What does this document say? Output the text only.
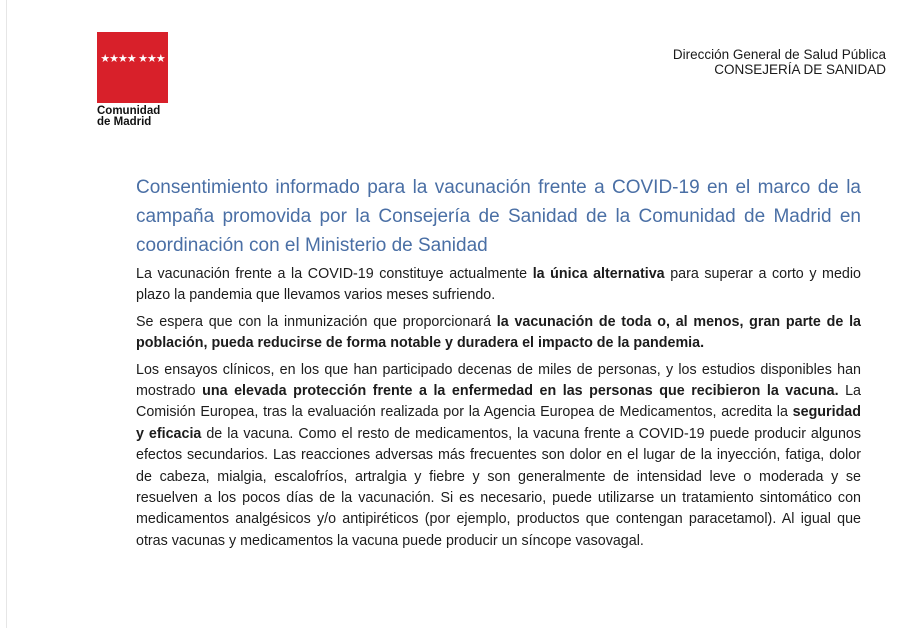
★★★★ ★★★
Comunidad
de Madrid
Dirección General de Salud Pública
CONSEJERÍA DE SANIDAD
Consentimiento informado para la vacunación frente a COVID-19 en el marco de la campaña promovida por la Consejería de Sanidad de la Comunidad de Madrid en coordinación con el Ministerio de Sanidad

La vacunación frente a la COVID-19 constituye actualmente la única alternativa para superar a corto y medio plazo la pandemia que llevamos varios meses sufriendo.

Se espera que con la inmunización que proporcionará la vacunación de toda o, al menos, gran parte de la población, pueda reducirse de forma notable y duradera el impacto de la pandemia.

Los ensayos clínicos, en los que han participado decenas de miles de personas, y los estudios disponibles han mostrado una elevada protección frente a la enfermedad en las personas que recibieron la vacuna. La Comisión Europea, tras la evaluación realizada por la Agencia Europea de Medicamentos, acredita la seguridad y eficacia de la vacuna. Como el resto de medicamentos, la vacuna frente a COVID-19 puede producir algunos efectos secundarios. Las reacciones adversas más frecuentes son dolor en el lugar de la inyección, fatiga, dolor de cabeza, mialgia, escalofríos, artralgia y fiebre y son generalmente de intensidad leve o moderada y se resuelven a los pocos días de la vacunación. Si es necesario, puede utilizarse un tratamiento sintomático con medicamentos analgésicos y/o antipiréticos (por ejemplo, productos que contengan paracetamol). Al igual que otras vacunas y medicamentos la vacuna puede producir un síncope vasovagal.
